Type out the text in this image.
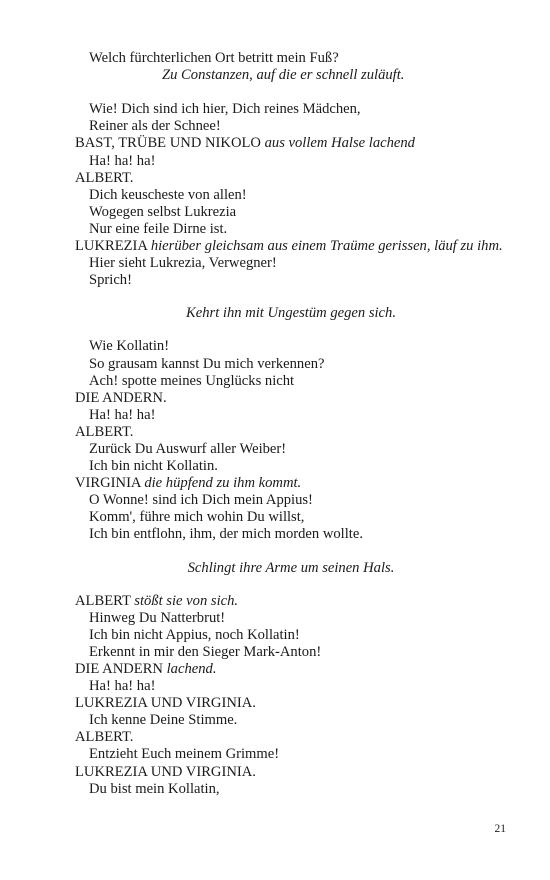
Welch fürchterlichen Ort betritt mein Fuß?
Zu Constanzen, auf die er schnell zuläuft.
Wie! Dich sind ich hier, Dich reines Mädchen,
Reiner als der Schnee!
BAST, TRÜBE UND NIKOLO aus vollem Halse lachend
Ha! ha! ha!
ALBERT.
Dich keuscheste von allen!
Wogegen selbst Lukrezia
Nur eine feile Dirne ist.
LUKREZIA hierüber gleichsam aus einem Traüme gerissen, läuf zu ihm.
Hier sieht Lukrezia, Verwegner!
Sprich!
Kehrt ihn mit Ungestüm gegen sich.
Wie Kollatin!
So grausam kannst Du mich verkennen?
Ach! spotte meines Unglücks nicht
DIE ANDERN.
Ha! ha! ha!
ALBERT.
Zurück Du Auswurf aller Weiber!
Ich bin nicht Kollatin.
VIRGINIA die hüpfend zu ihm kommt.
O Wonne! sind ich Dich mein Appius!
Komm', führe mich wohin Du willst,
Ich bin entflohn, ihm, der mich morden wollte.
Schlingt ihre Arme um seinen Hals.
ALBERT stößt sie von sich.
Hinweg Du Natterbrut!
Ich bin nicht Appius, noch Kollatin!
Erkennt in mir den Sieger Mark-Anton!
DIE ANDERN lachend.
Ha! ha! ha!
LUKREZIA UND VIRGINIA.
Ich kenne Deine Stimme.
ALBERT.
Entzieht Euch meinem Grimme!
LUKREZIA UND VIRGINIA.
Du bist mein Kollatin,
21
